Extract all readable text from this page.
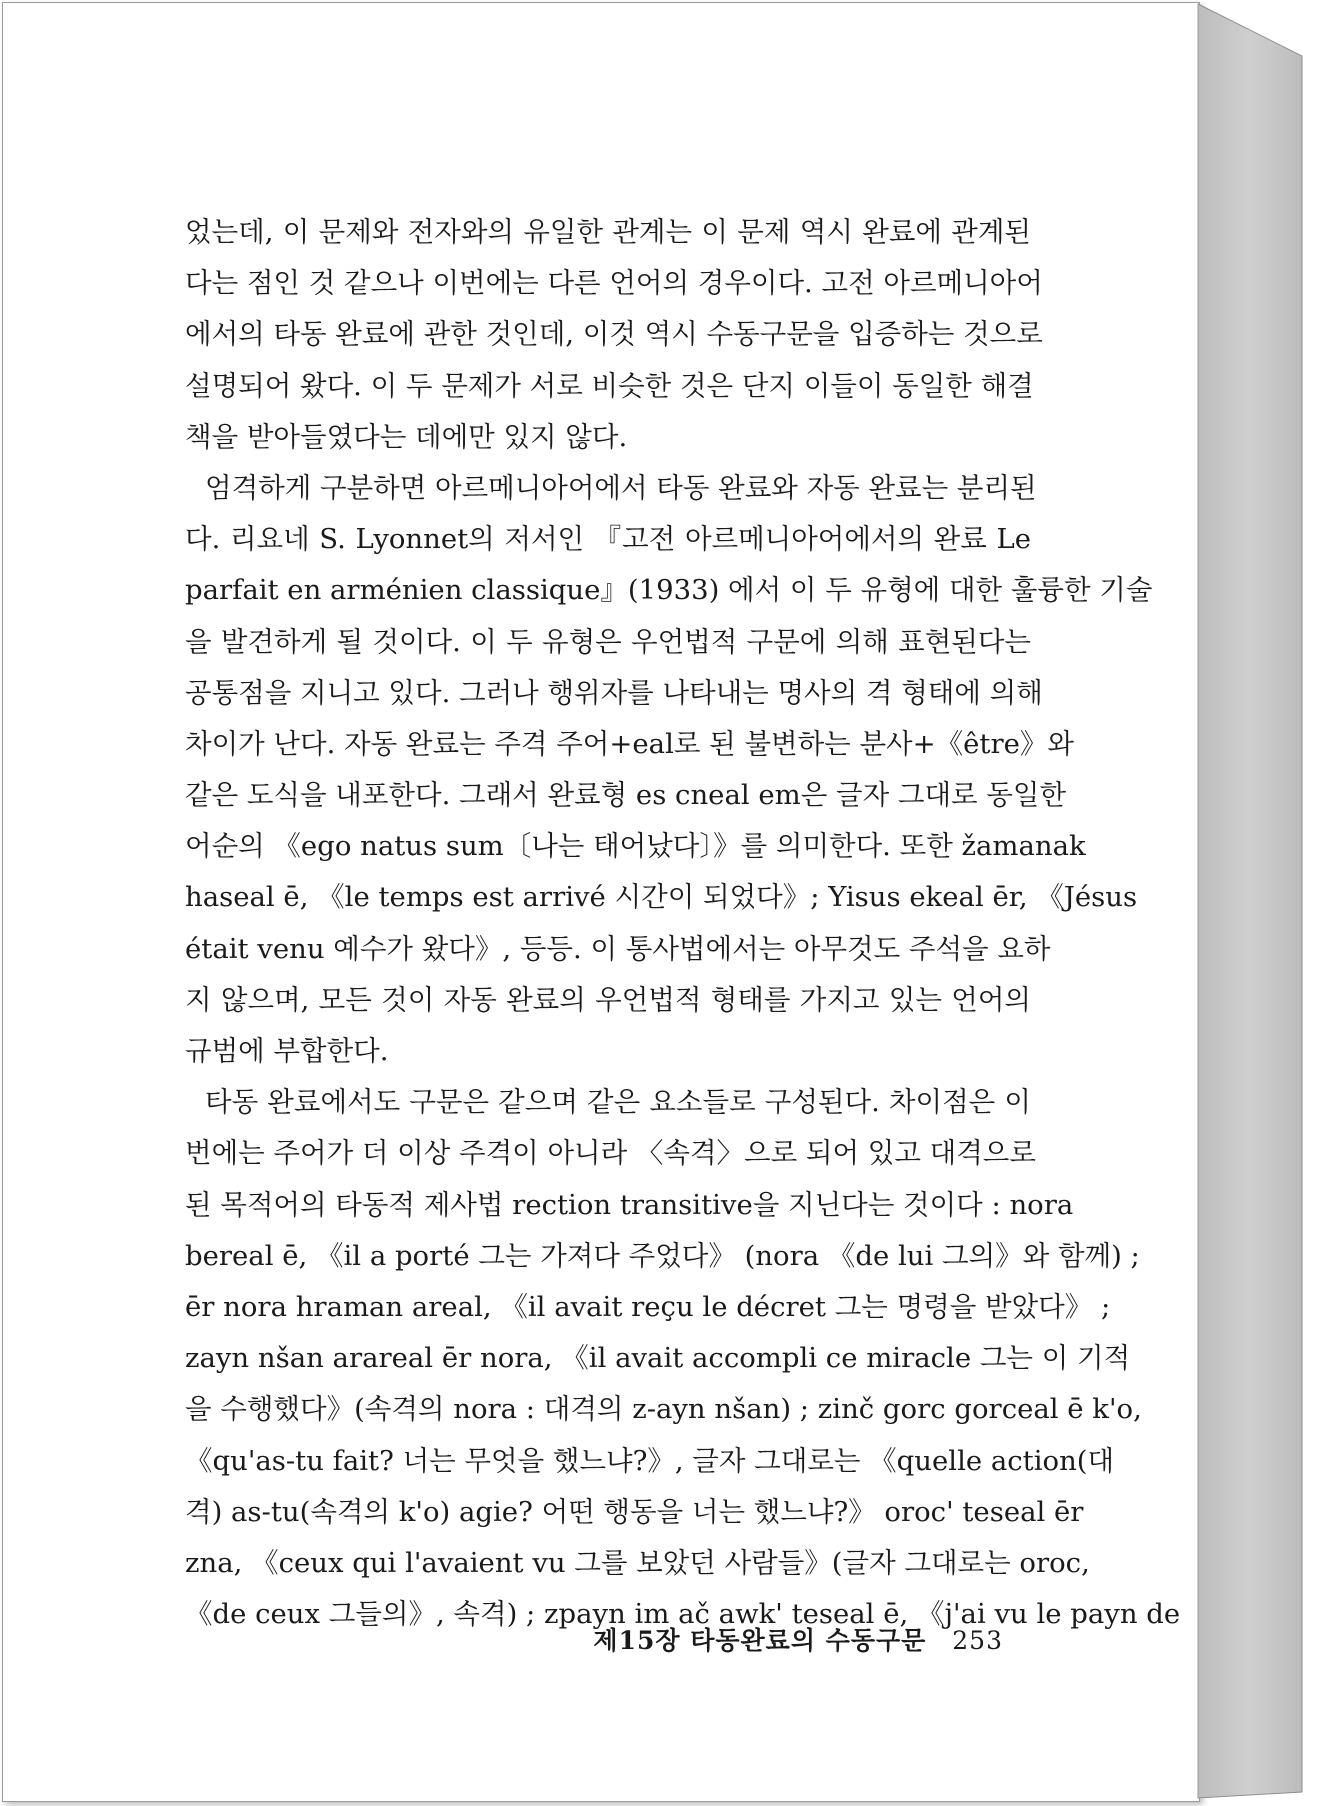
었는데, 이 문제와 전자와의 유일한 관계는 이 문제 역시 완료에 관계된
다는 점인 것 같으나 이번에는 다른 언어의 경우이다. 고전 아르메니아어
에서의 타동 완료에 관한 것인데, 이것 역시 수동구문을 입증하는 것으로
설명되어 왔다. 이 두 문제가 서로 비슷한 것은 단지 이들이 동일한 해결
책을 받아들였다는 데에만 있지 않다.
엄격하게 구분하면 아르메니아어에서 타동 완료와 자동 완료는 분리된
다. 리요네 S. Lyonnet의 저서인 『고전 아르메니아어에서의 완료 Le
parfait en arménien classique』(1933) 에서 이 두 유형에 대한 훌륭한 기술
을 발견하게 될 것이다. 이 두 유형은 우언법적 구문에 의해 표현된다는
공통점을 지니고 있다. 그러나 행위자를 나타내는 명사의 격 형태에 의해
차이가 난다. 자동 완료는 주격 주어+eal로 된 불변하는 분사+《être》와
같은 도식을 내포한다. 그래서 완료형 es cneal em은 글자 그대로 동일한
어순의 《ego natus sum〔나는 태어났다〕》를 의미한다. 또한 žamanak
haseal ē, 《le temps est arrivé 시간이 되었다》; Yisus ekeal ēr, 《Jésus
était venu 예수가 왔다》, 등등. 이 통사법에서는 아무것도 주석을 요하
지 않으며, 모든 것이 자동 완료의 우언법적 형태를 가지고 있는 언어의
규범에 부합한다.
타동 완료에서도 구문은 같으며 같은 요소들로 구성된다. 차이점은 이
번에는 주어가 더 이상 주격이 아니라 〈속격〉으로 되어 있고 대격으로
된 목적어의 타동적 제사법 rection transitive을 지닌다는 것이다 : nora
bereal ē, 《il a porté 그는 가져다 주었다》 (nora 《de lui 그의》와 함께) ;
ēr nora hraman areal, 《il avait reçu le décret 그는 명령을 받았다》 ;
zayn nšan arareal ēr nora, 《il avait accompli ce miracle 그는 이 기적
을 수행했다》(속격의 nora : 대격의 z-ayn nšan) ; zinč gorc gorceal ē k'o,
《qu'as-tu fait? 너는 무엇을 했느냐?》, 글자 그대로는 《quelle action(대
격) as-tu(속격의 k'o) agie? 어떤 행동을 너는 했느냐?》 oroc' teseal ēr
zna, 《ceux qui l'avaient vu 그를 보았던 사람들》(글자 그대로는 oroc,
《de ceux 그들의》, 속격) ; zpayn im ač awk' teseal ē, 《j'ai vu le payn de
제15장 타동완료의 수동구문 253
